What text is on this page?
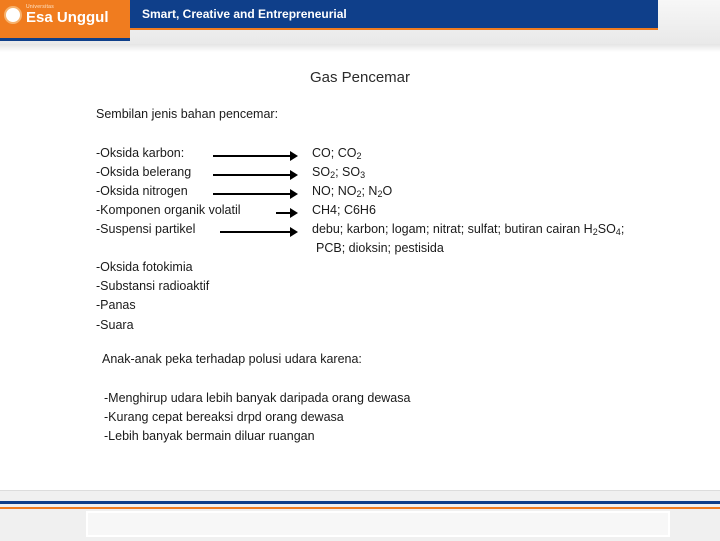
Universitas
Esa Unggul	Smart, Creative and Entrepreneurial
Gas Pencemar
Sembilan jenis bahan pencemar:
-Oksida karbon:
-Oksida belerang
-Oksida nitrogen
-Komponen organik volatil
-Suspensi partikel
CO; $CO_2$
$SO_2$; $SO_3$
NO; $NO_2$; $N_2O$
CH4; C6H6
debu; karbon; logam; nitrat; sulfat; butiran cairan $H_2SO_4$;
PCB; dioksin; pestisida
-Oksida fotokimia
-Substansi radioaktif
-Panas
-Suara
Anak-anak peka terhadap polusi udara karena:
-Menghirup udara lebih banyak daripada orang dewasa
-Kurang cepat bereaksi drpd orang dewasa
-Lebih banyak bermain diluar ruangan
